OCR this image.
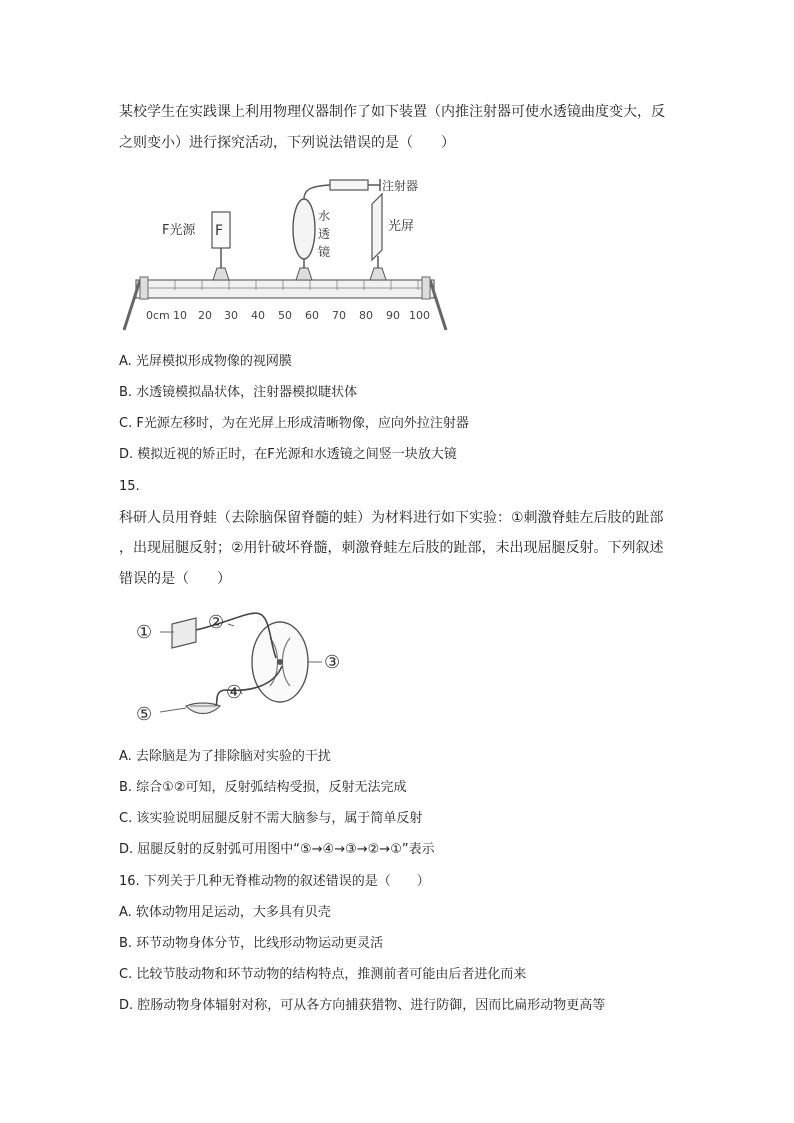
某校学生在实践课上利用物理仪器制作了如下装置（内推注射器可使水透镜曲度变大，反
之则变小）进行探究活动，下列说法错误的是（　　）
0cm 10 20 30 40 50 60 70 80 90 100
F
F光源
水
透
镜
注射器
光屏
A. 光屏模拟形成物像的视网膜
B. 水透镜模拟晶状体，注射器模拟睫状体
C. F光源左移时，为在光屏上形成清晰物像，应向外拉注射器
D. 模拟近视的矫正时，在F光源和水透镜之间竖一块放大镜
15.
科研人员用脊蛙（去除脑保留脊髓的蛙）为材料进行如下实验：①刺激脊蛙左后肢的趾部
，出现屈腿反射；②用针破坏脊髓，刺激脊蛙左后肢的趾部，未出现屈腿反射。下列叙述
错误的是（　　）
①	②
③
④
⑤
A. 去除脑是为了排除脑对实验的干扰
B. 综合①②可知，反射弧结构受损，反射无法完成
C. 该实验说明屈腿反射不需大脑参与，属于简单反射
D. 屈腿反射的反射弧可用图中“⑤→④→③→②→①”表示
16. 下列关于几种无脊椎动物的叙述错误的是（　　）
A. 软体动物用足运动，大多具有贝壳
B. 环节动物身体分节，比线形动物运动更灵活
C. 比较节肢动物和环节动物的结构特点，推测前者可能由后者进化而来
D. 腔肠动物身体辐射对称，可从各方向捕获猎物、进行防御，因而比扁形动物更高等
